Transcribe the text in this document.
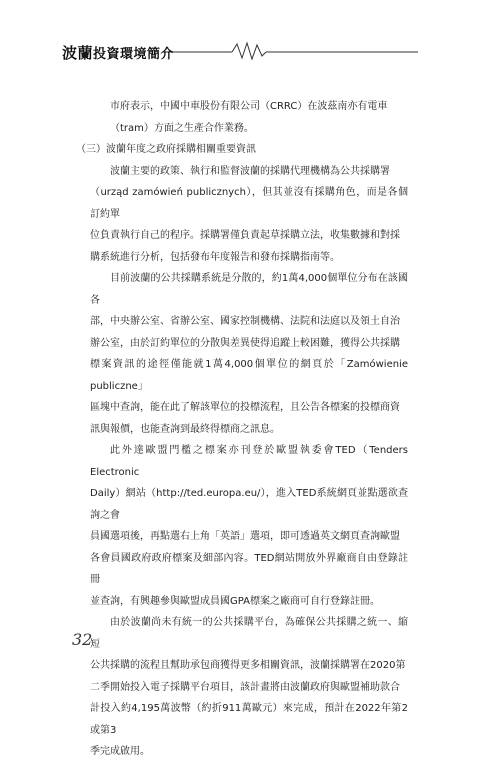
波蘭投資環境簡介

市府表示，中國中車股份有限公司（CRRC）在波茲南亦有電車

（tram）方面之生產合作業務。

（三）波蘭年度之政府採購相關重要資訊

波蘭主要的政策、執行和監督波蘭的採購代理機構為公共採購署

（urząd zamówień publicznych），但其並沒有採購角色，而是各個訂約單

位負責執行自己的程序。採購署僅負責起草採購立法，收集數據和對採

購系統進行分析，包括發布年度報告和發布採購指南等。

目前波蘭的公共採購系統是分散的，約1萬4,000個單位分布在該國各

部，中央辦公室、省辦公室、國家控制機構、法院和法庭以及領土自治

辦公室，由於訂約單位的分散與差異使得追蹤上較困難，獲得公共採購

標案資訊的途徑僅能就1萬4,000個單位的網頁於「Zamówienie publiczne」

區塊中查詢，能在此了解該單位的投標流程，且公告各標案的投標商資

訊與報價，也能查詢到最終得標商之訊息。

此外達歐盟門檻之標案亦刊登於歐盟執委會TED（Tenders Electronic

Daily）網站（http://ted.europa.eu/），進入TED系統網頁並點選欲查詢之會

員國選項後，再點選右上角「英語」選項，即可透過英文網頁查詢歐盟

各會員國政府政府標案及細部內容。TED網站開放外界廠商自由登錄註冊

並查詢，有興趣參與歐盟成員國GPA標案之廠商可自行登錄註冊。

由於波蘭尚未有統一的公共採購平台，為確保公共採購之統一、縮短

公共採購的流程且幫助承包商獲得更多相關資訊，波蘭採購署在2020第

二季開始投入電子採購平台項目，該計畫將由波蘭政府與歐盟補助款合

計投入約4,195萬波幣（約折911萬歐元）來完成，預計在2022年第2或第3

季完成啟用。

32
